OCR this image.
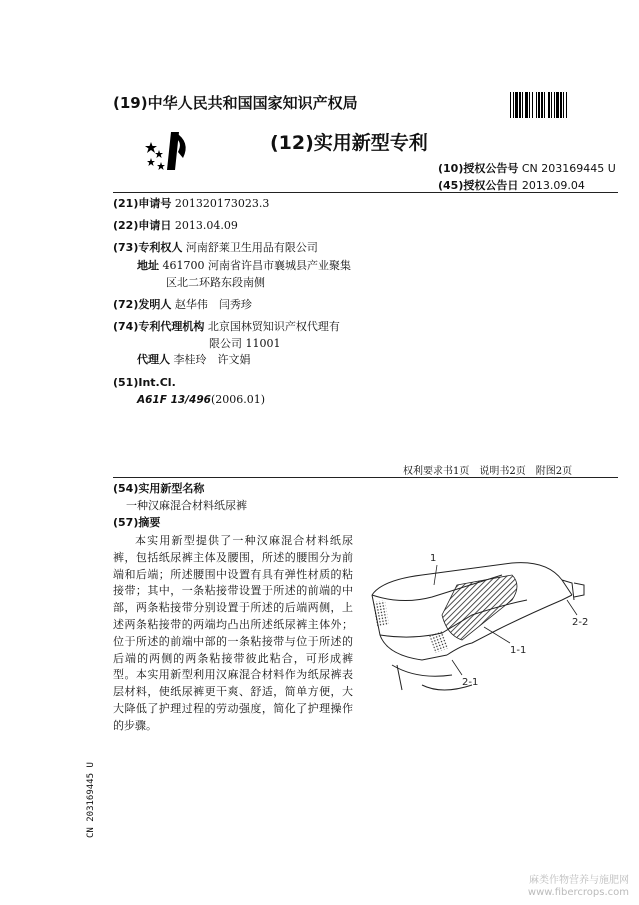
(19)中华人民共和国国家知识产权局
(12)实用新型专利
(10)授权公告号 CN 203169445 U
(45)授权公告日 2013.09.04
(21)申请号 201320173023.3
(22)申请日 2013.04.09
(73)专利权人 河南舒莱卫生用品有限公司
地址 461700 河南省许昌市襄城县产业聚集
区北二环路东段南侧
(72)发明人 赵华伟　闫秀珍
(74)专利代理机构 北京国林贸知识产权代理有
限公司 11001
代理人 李桂玲　许文娟
(51)Int.Cl.
A61F 13/496(2006.01)
权利要求书1页　说明书2页　附图2页
(54)实用新型名称
一种汉麻混合材料纸尿裤
(57)摘要

本实用新型提供了一种汉麻混合材料纸尿裤，包括纸尿裤主体及腰围，所述的腰围分为前端和后端；所述腰围中设置有具有弹性材质的粘接带；其中，一条粘接带设置于所述的前端的中部，两条粘接带分别设置于所述的后端两侧，上述两条粘接带的两端均凸出所述纸尿裤主体外；位于所述的前端中部的一条粘接带与位于所述的后端的两侧的两条粘接带彼此粘合，可形成裤型。本实用新型利用汉麻混合材料作为纸尿裤表层材料，使纸尿裤更干爽、舒适，简单方便，大大降低了护理过程的劳动强度，简化了护理操作的步骤。

1
1-1
2-1
2-2
CN 203169445 U
麻类作物营养与施肥网
www.fibercrops.com
